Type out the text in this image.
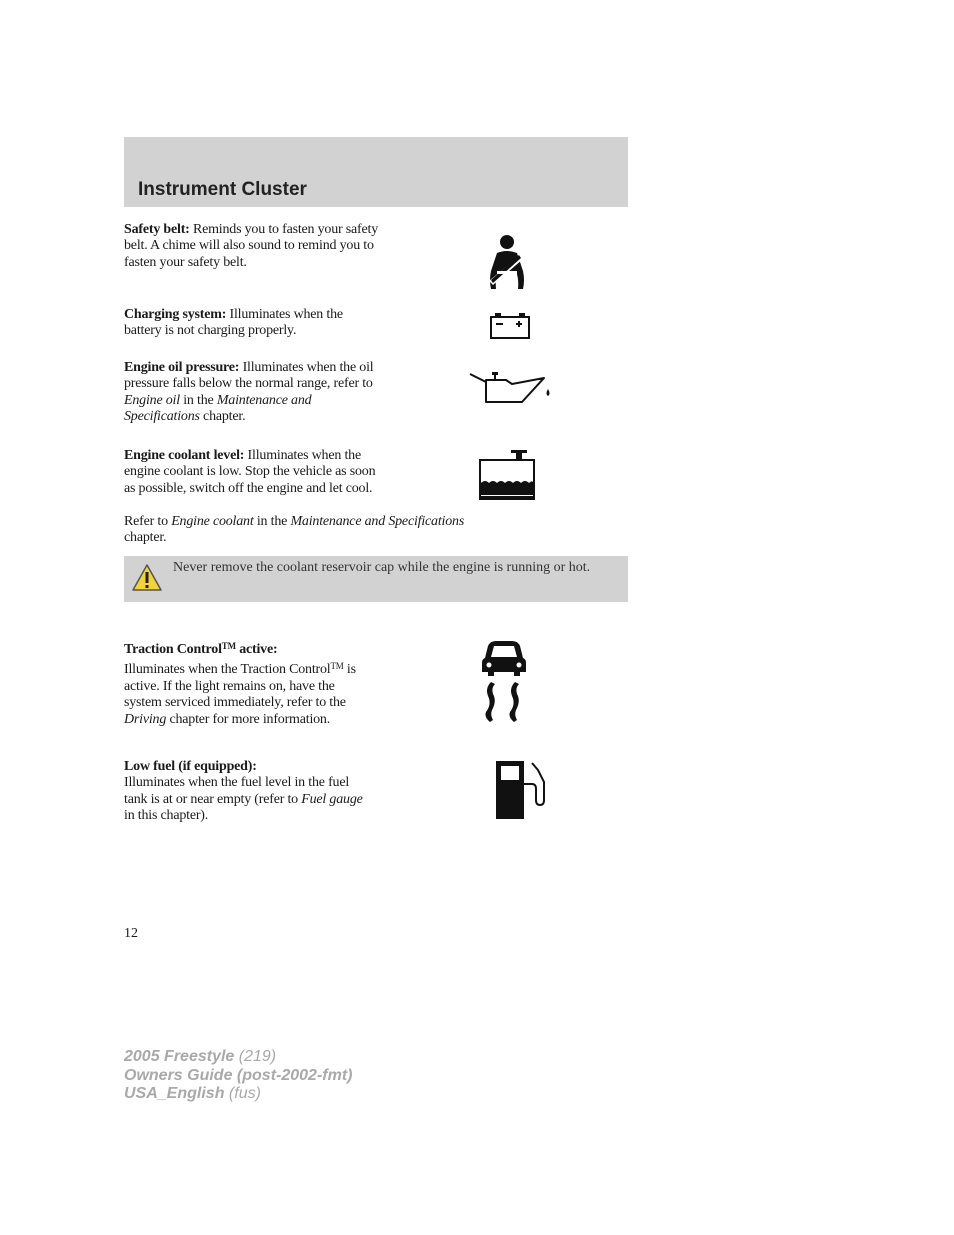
Instrument Cluster

Safety belt: Reminds you to fasten your safety belt. A chime will also sound to remind you to fasten your safety belt.

Charging system: Illuminates when the battery is not charging properly.

Engine oil pressure: Illuminates when the oil pressure falls below the normal range, refer to Engine oil in the Maintenance and Specifications chapter.

Engine coolant level: Illuminates when the engine coolant is low. Stop the vehicle as soon as possible, switch off the engine and let cool.

Refer to Engine coolant in the Maintenance and Specifications
chapter.

Never remove the coolant reservoir cap while the engine is running or hot.

Traction Control™ active:
Illuminates when the Traction Control™ is active. If the light remains on, have the system serviced immediately, refer to the Driving chapter for more information.

Low fuel (if equipped):
Illuminates when the fuel level in the fuel tank is at or near empty (refer to Fuel gauge in this chapter).

12

2005 Freestyle (219)
Owners Guide (post-2002-fmt)
USA_English (fus)
